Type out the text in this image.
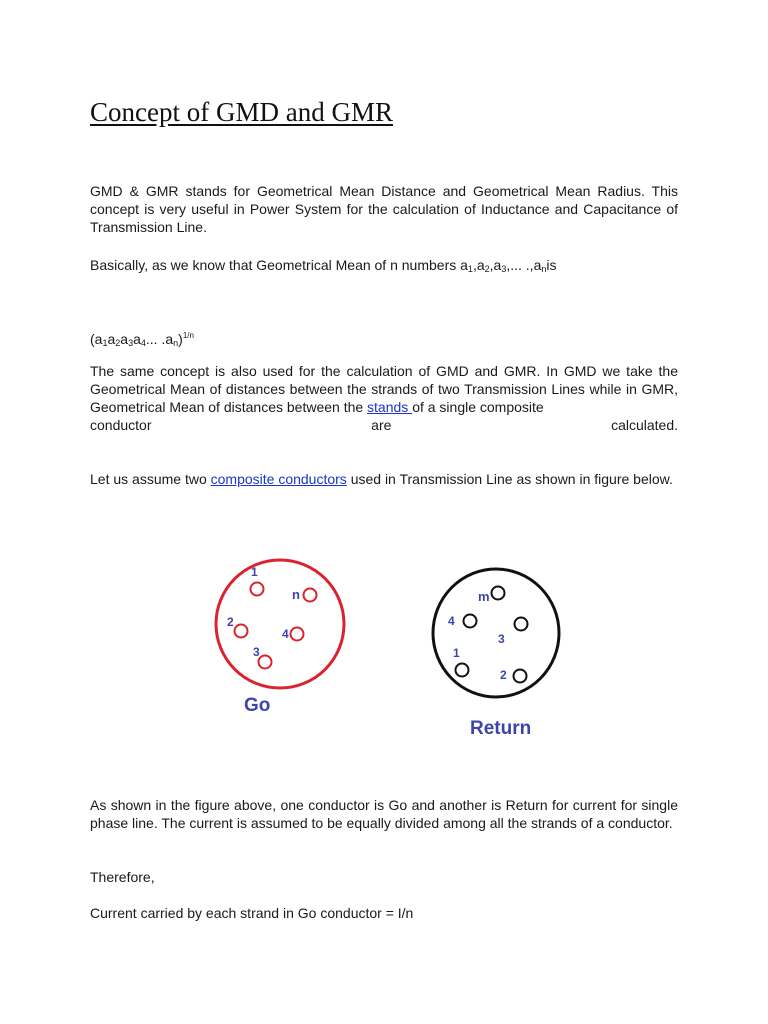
Concept of GMD and GMR

GMD & GMR stands for Geometrical Mean Distance and Geometrical Mean Radius. This concept is very useful in Power System for the calculation of Inductance and Capacitance of Transmission Line.

Basically, as we know that Geometrical Mean of n numbers $a_1,a_2,a_3$,... $.,a_nis$

($a_1a_2a_3a_4$... $.a_n)^{1/n}$

The same concept is also used for the calculation of GMD and GMR. In GMD we take the Geometrical Mean of distances between the strands of two Transmission Lines while in GMR, Geometrical Mean of distances between the stands of a single composite

conductor	are	calculated.

Let us assume two composite conductors used in Transmission Line as shown in figure below.

As shown in the figure above, one conductor is Go and another is Return for current for single phase line. The current is assumed to be equally divided among all the strands of a conductor.

Therefore,

Current carried by each strand in Go conductor = I/n

1
n
2
4
3
Go
m
4
3
1
2
Return
